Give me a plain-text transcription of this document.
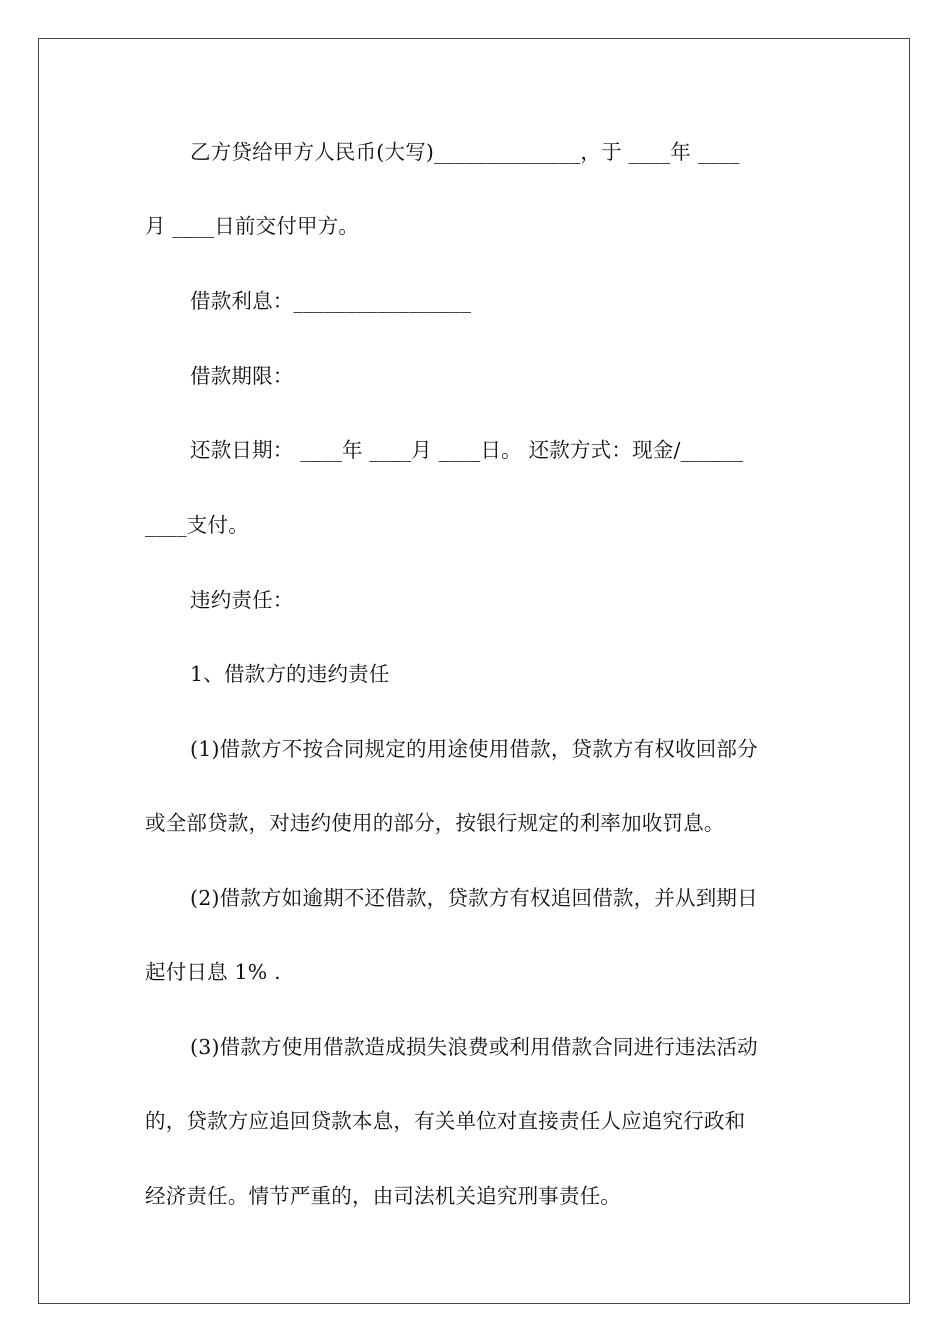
乙方贷给甲方人民币(大写)______________，于 ____年 ____
月 ____日前交付甲方。
借款利息：_________________
借款期限：
还款日期： ____年 ____月 ____日。 还款方式：现金/______
____支付。
违约责任：
1、借款方的违约责任
(1)借款方不按合同规定的用途使用借款，贷款方有权收回部分
或全部贷款，对违约使用的部分，按银行规定的利率加收罚息。
(2)借款方如逾期不还借款，贷款方有权追回借款，并从到期日
起付日息 1% .
(3)借款方使用借款造成损失浪费或利用借款合同进行违法活动
的，贷款方应追回贷款本息，有关单位对直接责任人应追究行政和
经济责任。情节严重的，由司法机关追究刑事责任。
